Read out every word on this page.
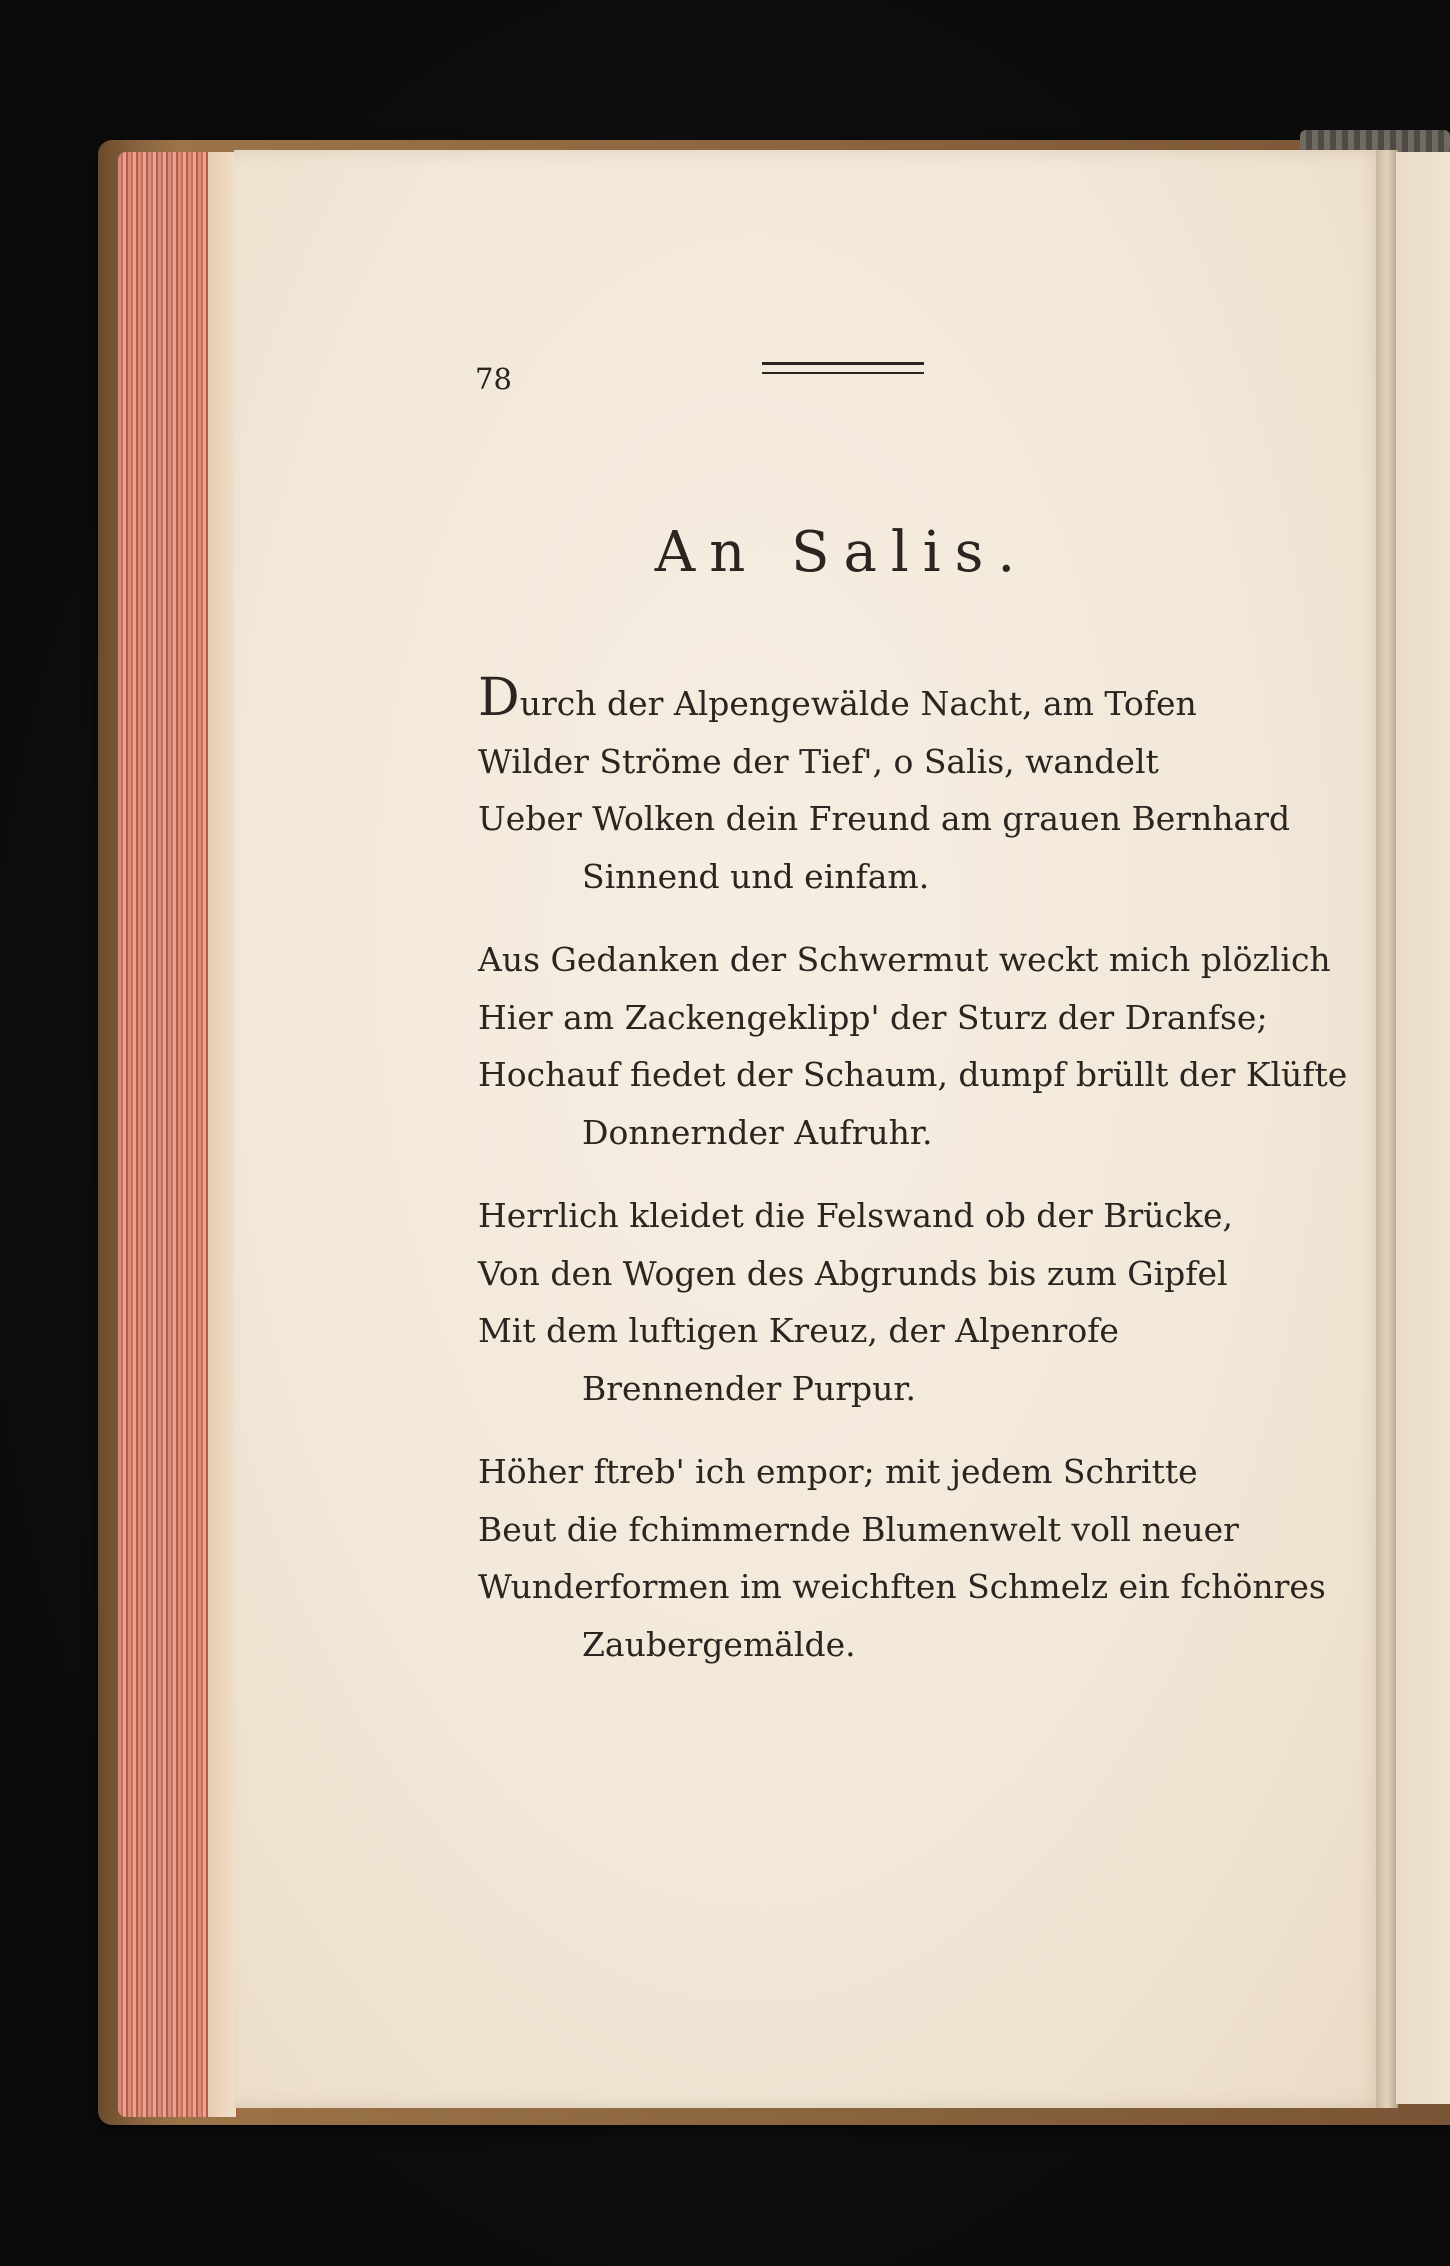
78
An Salis.
Durch der Alpengewälde Nacht, am Tofen
Wilder Ströme der Tief', o Salis, wandelt
Ueber Wolken dein Freund am grauen Bernhard
Sinnend und einfam.
Aus Gedanken der Schwermut weckt mich plözlich
Hier am Zackengeklipp' der Sturz der Dranfse;
Hochauf fiedet der Schaum, dumpf brüllt der Klüfte
Donnernder Aufruhr.
Herrlich kleidet die Felswand ob der Brücke,
Von den Wogen des Abgrunds bis zum Gipfel
Mit dem luftigen Kreuz, der Alpenrofe
Brennender Purpur.
Höher ftreb' ich empor; mit jedem Schritte
Beut die fchimmernde Blumenwelt voll neuer
Wunderformen im weichften Schmelz ein fchönres
Zaubergemälde.
